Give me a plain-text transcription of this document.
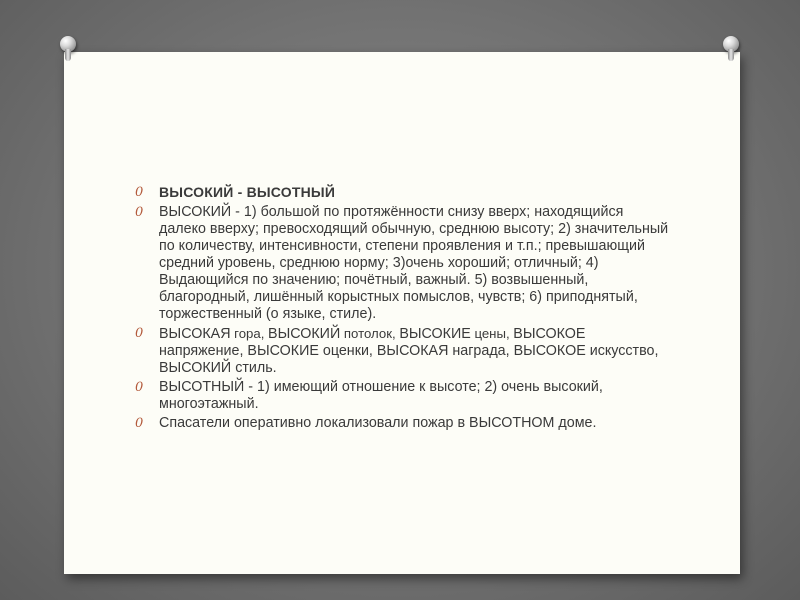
0 ВЫСОКИЙ - ВЫСОТНЫЙ
0 ВЫСОКИЙ - 1) большой по протяжённости снизу вверх; находящийся далеко вверху; превосходящий обычную, среднюю высоту; 2) значительный по количеству, интенсивности, степени проявления и т.п.; превышающий средний уровень, среднюю норму; 3)очень хороший; отличный; 4) Выдающийся по значению; почётный, важный. 5) возвышенный, благородный, лишённый корыстных помыслов, чувств; 6) приподнятый, торжественный (о языке, стиле).
0 ВЫСОКАЯ гора, ВЫСОКИЙ потолок, ВЫСОКИЕ цены, ВЫСОКОЕ напряжение, ВЫСОКИЕ оценки, ВЫСОКАЯ награда, ВЫСОКОЕ искусство, ВЫСОКИЙ стиль.
0 ВЫСОТНЫЙ - 1) имеющий отношение к высоте; 2) очень высокий, многоэтажный.
0 Спасатели оперативно локализовали пожар в ВЫСОТНОМ доме.
